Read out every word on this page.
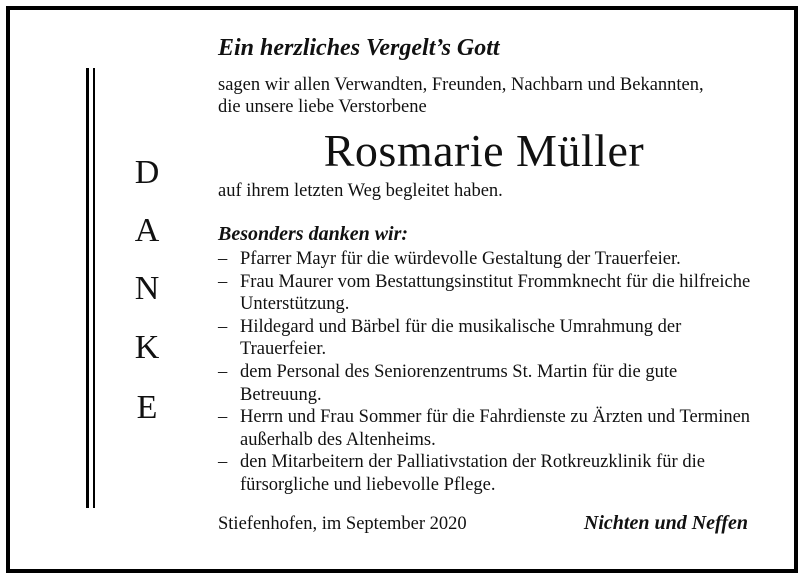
D
A
N
K
E
Ein herzliches Vergelt’s Gott
sagen wir allen Verwandten, Freunden, Nachbarn und Bekannten,
die unsere liebe Verstorbene
Rosmarie Müller
auf ihrem letzten Weg begleitet haben.
Besonders danken wir:
– Pfarrer Mayr für die würdevolle Gestaltung der Trauerfeier.
– Frau Maurer vom Bestattungsinstitut Frommknecht für die hilfreiche Unterstützung.
– Hildegard und Bärbel für die musikalische Umrahmung der Trauerfeier.
– dem Personal des Seniorenzentrums St. Martin für die gute Betreuung.
– Herrn und Frau Sommer für die Fahrdienste zu Ärzten und Terminen außerhalb des Altenheims.
– den Mitarbeitern der Palliativstation der Rotkreuzklinik für die fürsorgliche und liebevolle Pflege.
Stiefenhofen, im September 2020	Nichten und Neffen
